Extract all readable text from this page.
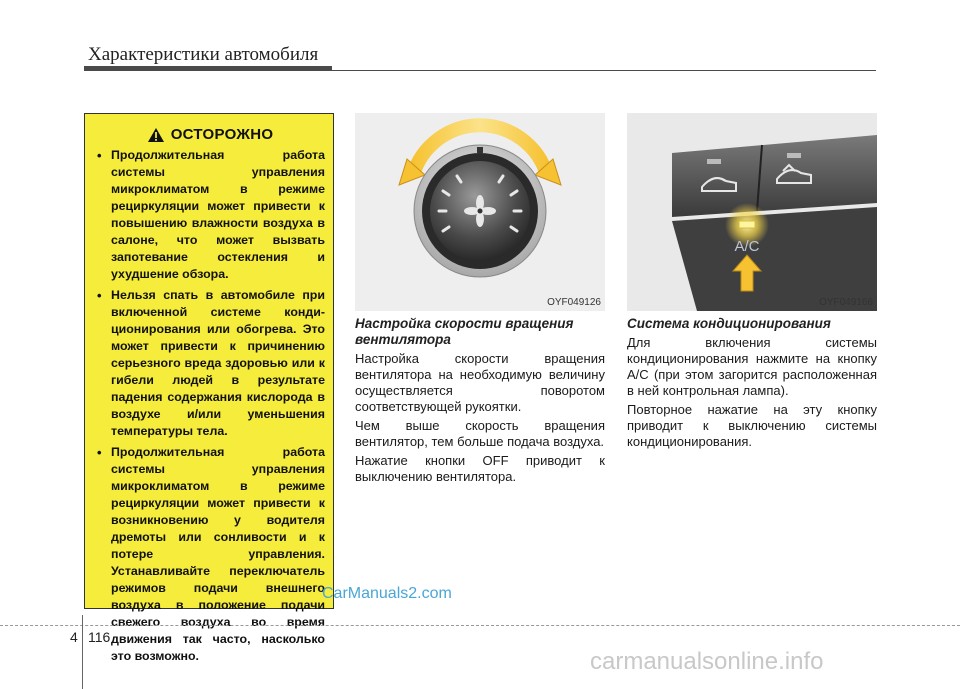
Характеристики автомобиля
ОСТОРОЖНО
• Продолжительная работа системы управления микроклиматом в режиме рециркуляции может привести к повышению влажности воздуха в салоне, что может вызвать запотевание остекления и ухудшение обзора.
• Нельзя спать в автомобиле при включенной системе конди-ционирования или обогрева. Это может привести к причинению серьезного вреда здоровью или к гибели людей в результате падения содержания кислорода в воздухе и/или уменьшения температуры тела.
• Продолжительная работа системы управления микроклиматом в режиме рециркуляции может привести к возникновению у водителя дремоты или сонливости и к потере управления. Устанавливайте переключатель режимов подачи внешнего воздуха в положение подачи свежего воздуха во время движения так часто, насколько это возможно.
OYF049126
A/C
OYF049166
Настройка скорости вращения вентилятора

Настройка скорости вращения вентилятора на необходимую величину осуществляется поворотом соответствующей рукоятки.

Чем выше скорость вращения вентилятор, тем больше подача воздуха.

Нажатие кнопки OFF приводит к выключению вентилятора.

Система кондиционирования

Для включения системы кондиционирования нажмите на кнопку A/C (при этом загорится расположенная в ней контрольная лампа).

Повторное нажатие на эту кнопку приводит к выключению системы кондиционирования.

CarManuals2.com
carmanualsonline.info
4 116
